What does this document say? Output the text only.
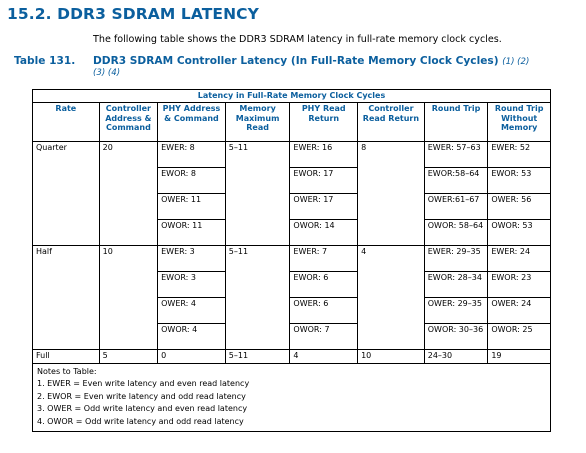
15.2. DDR3 SDRAM LATENCY
The following table shows the DDR3 SDRAM latency in full-rate memory clock cycles.
Table 131. DDR3 SDRAM Controller Latency (In Full-Rate Memory Clock Cycles) (1) (2)
(3) (4)
Latency in Full-Rate Memory Clock Cycles							
Rate	Controller Address & Command	PHY Address & Command	Memory Maximum Read	PHY Read Return	Controller Read Return	Round Trip	Round Trip Without Memory
Quarter	20	EWER: 8	5–11	EWER: 16	8	EWER: 57–63	EWER: 52
		EWOR: 8		EWOR: 17		EWOR:58–64	EWOR: 53
		OWER: 11		OWER: 17		OWER:61–67	OWER: 56
		OWOR: 11		OWOR: 14		OWOR: 58–64	OWOR: 53
Half	10	EWER: 3	5–11	EWER: 7	4	EWER: 29–35	EWER: 24
		EWOR: 3		EWOR: 6		EWOR: 28–34	EWOR: 23
		OWER: 4		OWER: 6		OWER: 29–35	OWER: 24
		OWOR: 4		OWOR: 7		OWOR: 30–36	OWOR: 25
Full	5	0	5–11	4	10	24–30	19

Notes to Table:
1. EWER = Even write latency and even read latency
2. EWOR = Even write latency and odd read latency
3. OWER = Odd write latency and even read latency
4. OWOR = Odd write latency and odd read latency							
